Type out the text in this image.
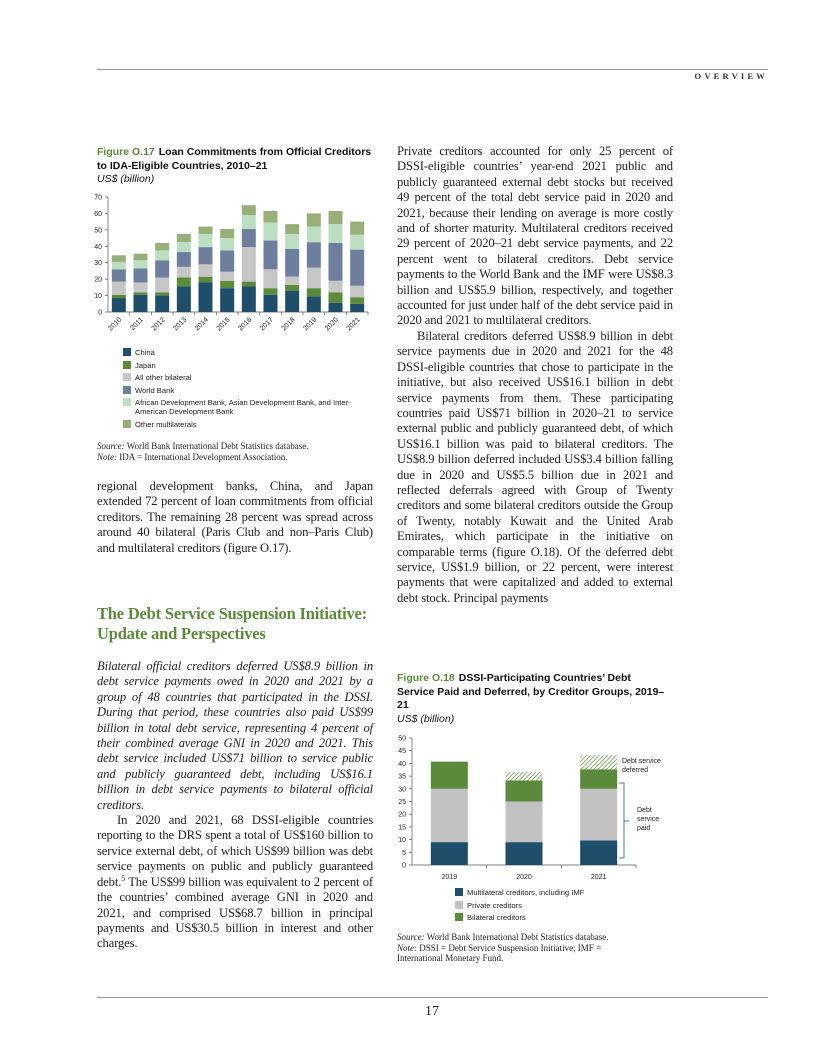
OVERVIEW
Figure O.17 Loan Commitments from Official Creditors to IDA-Eligible Countries, 2010–21
US$ (billion)
0
10
20
30
40
50
60
70
2010 2011 2012 2013 2014 2015 2016 2017 2018 2019 2020 2021
China
Japan
All other bilateral
World Bank
African Development Bank, Asian Development Bank, and Inter-American Development Bank
Other multilaterals
Source: World Bank International Debt Statistics database.
Note: IDA = International Development Association.

regional development banks, China, and Japan extended 72 percent of loan commitments from official creditors. The remaining 28 percent was spread across around 40 bilateral (Paris Club and non–Paris Club) and multilateral creditors (figure O.17).

The Debt Service Suspension Initiative: Update and Perspectives

Bilateral official creditors deferred US$8.9 billion in debt service payments owed in 2020 and 2021 by a group of 48 countries that participated in the DSSI. During that period, these countries also paid US$99 billion in total debt service, representing 4 percent of their combined average GNI in 2020 and 2021. This debt service included US$71 billion to service public and publicly guaranteed debt, including US$16.1 billion in debt service payments to bilateral official creditors.

In 2020 and 2021, 68 DSSI-eligible countries reporting to the DRS spent a total of US$160 billion to service external debt, of which US$99 billion was debt service payments on public and publicly guaranteed debt.$^5$ The US$99 billion was equivalent to 2 percent of the countries’ combined average GNI in 2020 and 2021, and comprised US$68.7 billion in principal payments and US$30.5 billion in interest and other charges.

Private creditors accounted for only 25 percent of DSSI-eligible countries’ year-end 2021 public and publicly guaranteed external debt stocks but received 49 percent of the total debt service paid in 2020 and 2021, because their lending on average is more costly and of shorter maturity. Multilateral creditors received 29 percent of 2020–21 debt service payments, and 22 percent went to bilateral creditors. Debt service payments to the World Bank and the IMF were US$8.3 billion and US$5.9 billion, respectively, and together accounted for just under half of the debt service paid in 2020 and 2021 to multilateral creditors.

Bilateral creditors deferred US$8.9 billion in debt service payments due in 2020 and 2021 for the 48 DSSI-eligible countries that chose to participate in the initiative, but also received US$16.1 billion in debt service payments from them. These participating countries paid US$71 billion in 2020–21 to service external public and publicly guaranteed debt, of which US$16.1 billion was paid to bilateral creditors. The US$8.9 billion deferred included US$3.4 billion falling due in 2020 and US$5.5 billion due in 2021 and reflected deferrals agreed with Group of Twenty creditors and some bilateral creditors outside the Group of Twenty, notably Kuwait and the United Arab Emirates, which participate in the initiative on comparable terms (figure O.18). Of the deferred debt service, US$1.9 billion, or 22 percent, were interest payments that were capitalized and added to external debt stock. Principal payments

Figure O.18 DSSI-Participating Countries’ Debt Service Paid and Deferred, by Creditor Groups, 2019–21
US$ (billion)
0
5
10
15
20
25
30
35
40
45
50
2019	2020	2021
Debt service deferred
Debt service paid
Multilateral creditors, including IMF
Private creditors
Bilateral creditors
Source: World Bank International Debt Statistics database.
Note: DSSI = Debt Service Suspension Initiative; IMF = International Monetary Fund.
17
